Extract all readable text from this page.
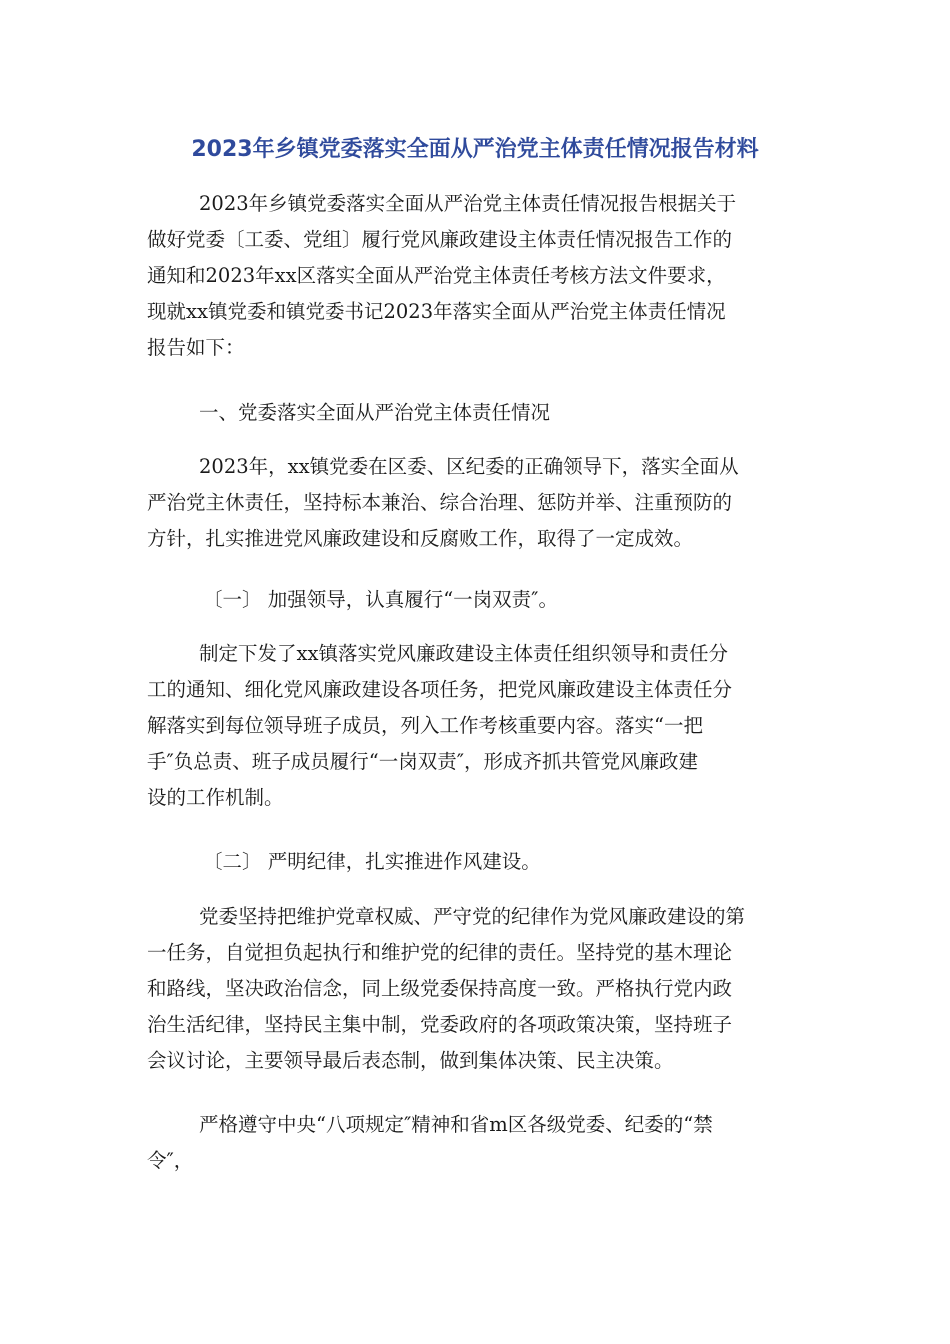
2023年乡镇党委落实全面从严治党主体责任情况报告材料
2023年乡镇党委落实全面从严治党主体责任情况报告根据关于
做好党委〔工委、党组〕履行党风廉政建设主体责任情况报告工作的
通知和2023年xx区落实全面从严治党主体责任考核方法文件要求，
现就xx镇党委和镇党委书记2023年落实全面从严治党主体责任情况
报告如下：
一、党委落实全面从严治党主体责任情况
2023年，xx镇党委在区委、区纪委的正确领导下，落实全面从
严治党主休责任，坚持标本兼治、综合治理、惩防并举、注重预防的
方针，扎实推进党风廉政建设和反腐败工作，取得了一定成效。
〔一〕 加强领导，认真履行“一岗双责″。
制定下发了xx镇落实党风廉政建设主体责任组织领导和责任分
工的通知、细化党风廉政建设各项任务，把党风廉政建设主体责任分
解落实到每位领导班子成员，列入工作考核重要内容。落实“一把
手″负总责、班子成员履行“一岗双责″，形成齐抓共管党风廉政建
设的工作机制。
〔二〕 严明纪律，扎实推进作风建设。
党委坚持把维护党章权威、严守党的纪律作为党风廉政建设的第
一任务，自觉担负起执行和维护党的纪律的责任。坚持党的基木理论
和路线，坚决政治信念，同上级党委保持高度一致。严格执行党内政
治生活纪律，坚持民主集中制，党委政府的各项政策决策，坚持班子
会议讨论，主要领导最后表态制，做到集体决策、民主决策。
严格遵守中央“八项规定″精神和省m区各级党委、纪委的“禁
令″，
